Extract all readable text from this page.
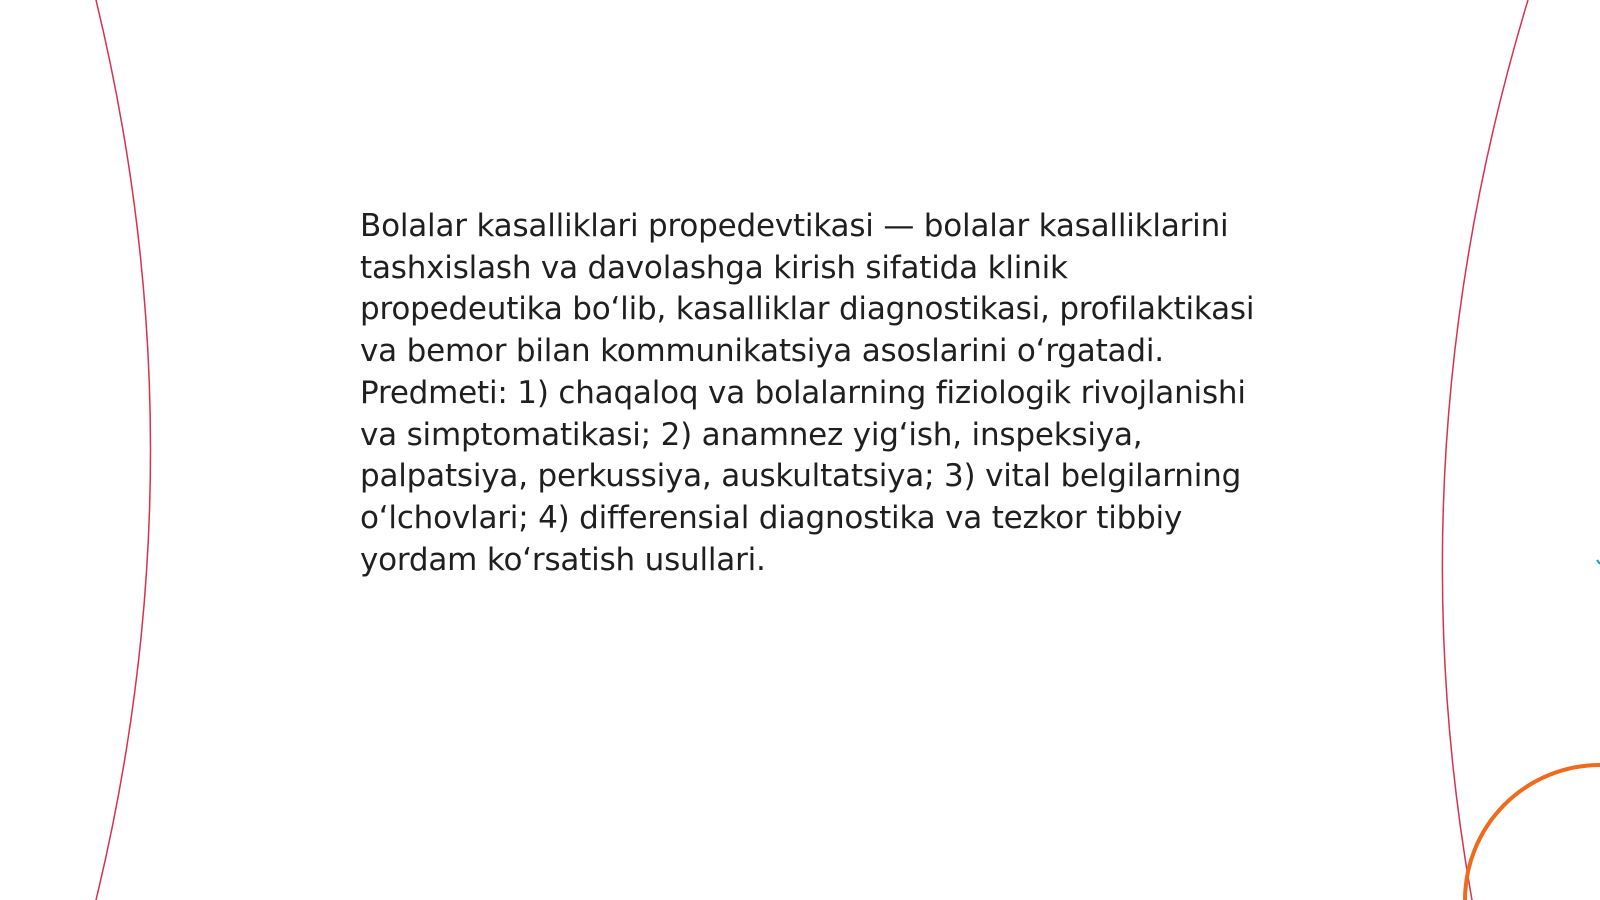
Bolalar kasalliklari propedevtikasi — bolalar kasalliklarini tashxislash va davolashga kirish sifatida klinik propedeutika boʻlib, kasalliklar diagnostikasi, profilaktikasi va bemor bilan kommunikatsiya asoslarini oʻrgatadi. Predmeti: 1) chaqaloq va bolalarning fiziologik rivojlanishi va simptomatikasi; 2) anamnez yigʻish, inspeksiya, palpatsiya, perkussiya, auskultatsiya; 3) vital belgilarning oʻlchovlari; 4) differensial diagnostika va tezkor tibbiy yordam koʻrsatish usullari.
